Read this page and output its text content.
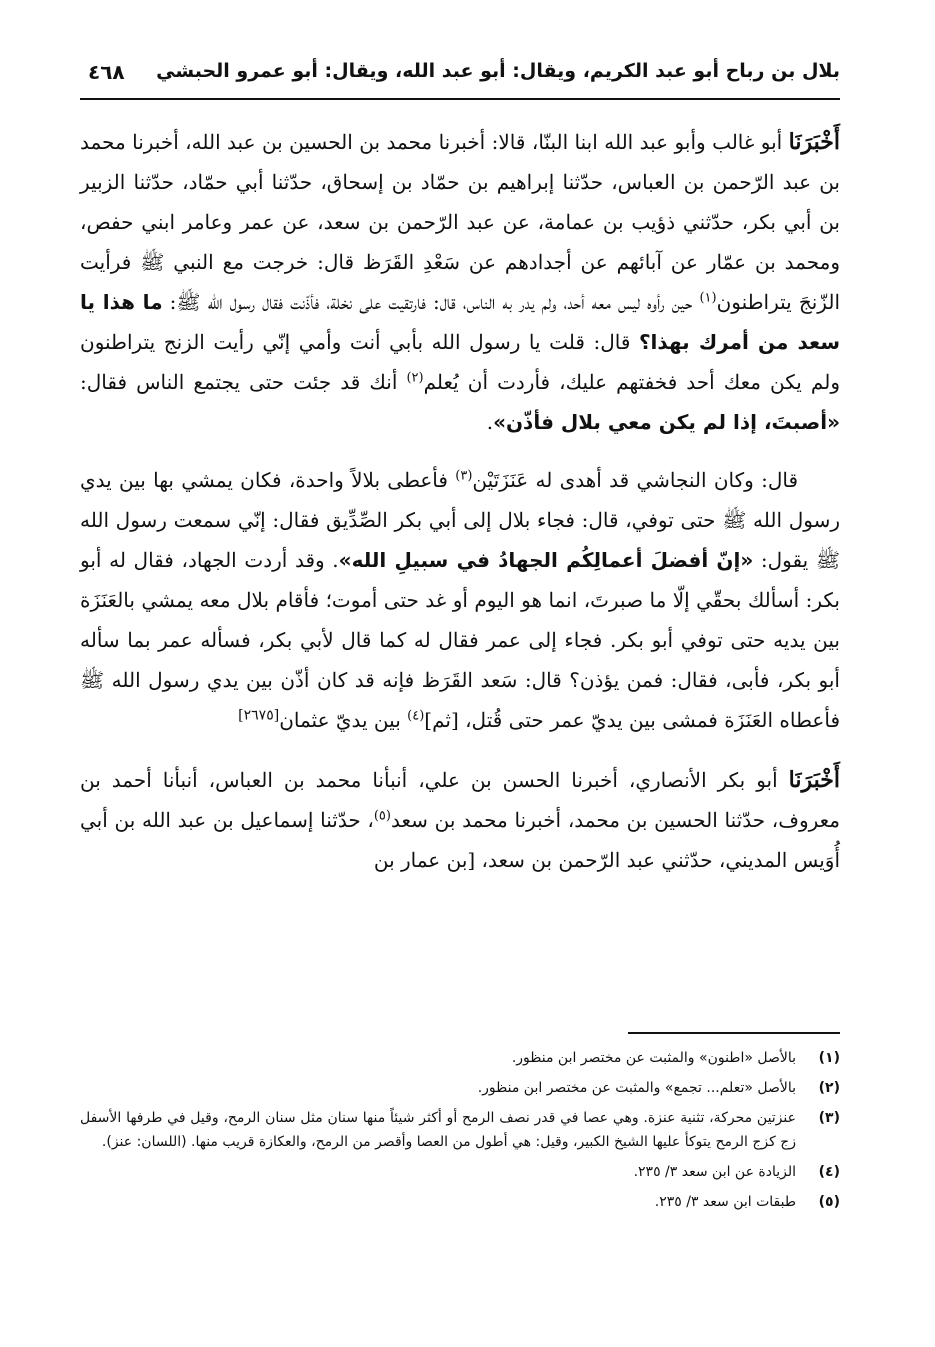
بلال بن رباح أبو عبد الكريم، ويقال: أبو عبد الله، ويقال: أبو عمرو الحبشي
٤٦٨

أَخْبَرَنَا أبو غالب وأبو عبد الله ابنا البنّا، قالا: أخبرنا محمد بن الحسين بن عبد الله، أخبرنا محمد بن عبد الرّحمن بن العباس، حدّثنا إبراهيم بن حمّاد بن إسحاق، حدّثنا أبي حمّاد، حدّثنا الزبير بن أبي بكر، حدّثني ذؤيب بن عمامة، عن عبد الرّحمن بن سعد، عن عمر وعامر ابني حفص، ومحمد بن عمّار عن آبائهم عن أجدادهم عن سَعْدِ القَرَظ قال: خرجت مع النبي ﷺ فرأيت الزّنجَ يتراطنون$^{(١)}$ حين رأوه ليس معه أحد، ولم يدر به الناس، قال: فارتقيت على نخلة، فأذّنت فقال رسول الله ﷺ: ما هذا يا سعد من أمرك بهذا؟ قال: قلت يا رسول الله بأبي أنت وأمي إنّي رأيت الزنج يتراطنون ولم يكن معك أحد فخفتهم عليك، فأردت أن يُعلم$^{(٢)}$ أنك قد جئت حتى يجتمع الناس فقال: «أصبتَ، إذا لم يكن معي بلال فأذّن».

قال: وكان النجاشي قد أهدى له عَنَزَتَيْن$^{(٣)}$ فأعطى بلالاً واحدة، فكان يمشي بها بين يدي رسول الله ﷺ حتى توفي، قال: فجاء بلال إلى أبي بكر الصِّدِّيق فقال: إنّي سمعت رسول الله ﷺ يقول: «إنّ أفضلَ أعمالِكُم الجهادُ في سبيلِ الله». وقد أردت الجهاد، فقال له أبو بكر: أسألك بحقّي إلّا ما صبرتَ، انما هو اليوم أو غد حتى أموت؛ فأقام بلال معه يمشي بالعَنَزَة بين يديه حتى توفي أبو بكر. فجاء إلى عمر فقال له كما قال لأبي بكر، فسأله عمر بما سأله أبو بكر، فأبى، فقال: فمن يؤذن؟ قال: سَعد القَرَظ فإنه قد كان أذّن بين يدي رسول الله ﷺ فأعطاه العَنَزَة فمشى بين يديّ عمر حتى قُتل، [ثم]$^{(٤)}$ بين يديّ عثمان[٢٦٧٥]

أَخْبَرَنَا أبو بكر الأنصاري، أخبرنا الحسن بن علي، أنبأنا محمد بن العباس، أنبأنا أحمد بن معروف، حدّثنا الحسين بن محمد، أخبرنا محمد بن سعد$^{(٥)}$، حدّثنا إسماعيل بن عبد الله بن أبي أُوَيس المديني، حدّثني عبد الرّحمن بن سعد، [بن عمار بن

(١)
بالأصل «اطنون» والمثبت عن مختصر ابن منظور.
(٢)
بالأصل «تعلم... تجمع» والمثبت عن مختصر ابن منظور.
(٣)
عنزتين محركة، تثنية عنزة. وهي عصا في قدر نصف الرمح أو أكثر شيئاً منها سنان مثل سنان الرمح، وقيل في طرفها الأسفل زج كزج الرمح يتوكأ عليها الشيخ الكبير، وقيل: هي أطول من العصا وأقصر من الرمح، والعكازة قريب منها. (اللسان: عنز).
(٤)
الزيادة عن ابن سعد ٣/ ٢٣٥.
(٥)
طبقات ابن سعد ٣/ ٢٣٥.
